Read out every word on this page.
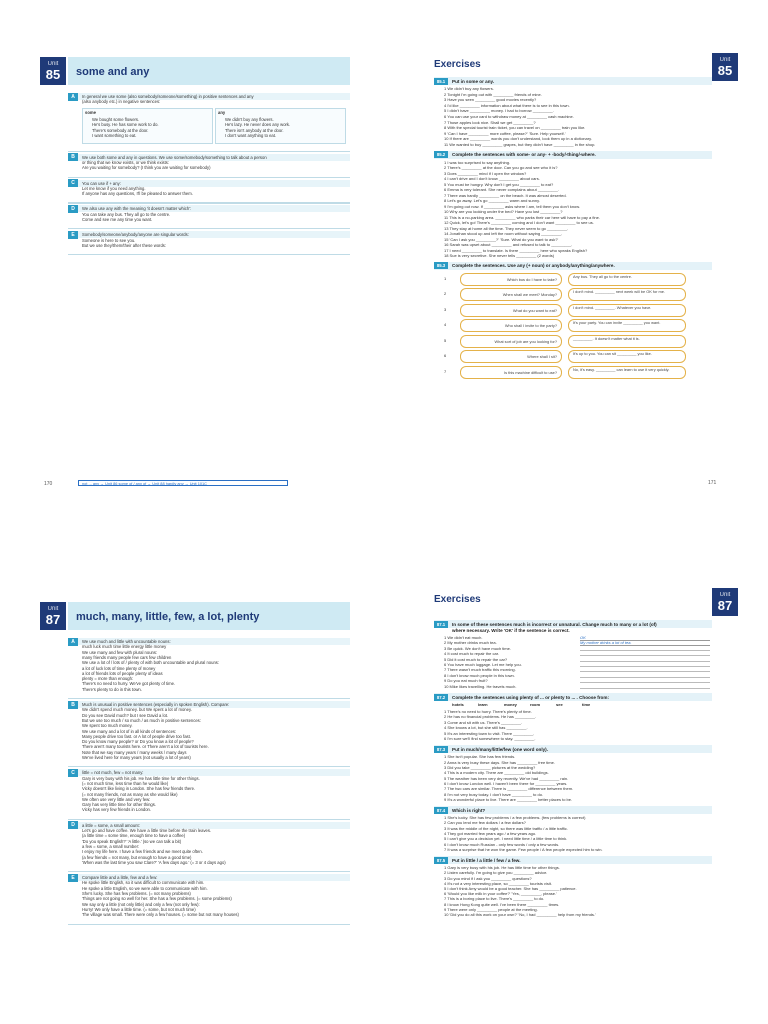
Unit
85	some and any
A	In general we use some (also somebody/someone/something) in positive sentences and any
(also anybody etc.) in negative sentences:
some
We bought some flowers.
He's busy. He has some work to do.
There's somebody at the door.
I want something to eat.
any
We didn't buy any flowers.
He's lazy. He never does any work.
There isn't anybody at the door.
I don't want anything to eat.
B	We use both some and any in questions. We use some/somebody/something to talk about a person
or thing that we know exists, or we think exists:
Are you waiting for somebody? (I think you are waiting for somebody)
C	You can use if + any:
Let me know if you need anything.
If anyone has any questions, I'll be pleased to answer them.
D	We also use any with the meaning 'it doesn't matter which':
You can take any bus. They all go to the centre.
Come and see me any time you want.
E	Somebody/someone/anybody/anyone are singular words:
Someone is here to see you.
But we use they/them/their after these words:
170	not ... any → Unit 86 some of / any of → Unit 88 hardly any → Unit 101C
Exercises	Unit
85
85.1	Put in some or any.
1 We didn't buy any flowers.
2 Tonight I'm going out with _________ friends of mine.
3 Have you seen _________ good movies recently?
4 I'd like _________ information about what there is to see in this town.
5 I didn't have _________ money. I had to borrow _________.
6 You can use your card to withdraw money at _________ cash machine.
7 Those apples look nice. Shall we get _________?
8 With the special tourist train ticket, you can travel on _________ train you like.
9 'Can I have _________ more coffee, please?' 'Sure. Help yourself.'
10 If there are _________ words you don't understand, look them up in a dictionary.
11 We wanted to buy _________ grapes, but they didn't have _________ in the shop.
85.2	Complete the sentences with some- or any- + -body/-thing/-where.
1 I was too surprised to say anything.
2 There's _________ at the door. Can you go and see who it is?
3 Does _________ mind if I open the window?
4 I can't drive and I don't know _________ about cars.
5 You must be hungry. Why don't I get you _________ to eat?
6 Emma is very tolerant. She never complains about _________.
7 There was hardly _________ on the beach. It was almost deserted.
8 Let's go away. Let's go _________ warm and sunny.
9 I'm going out now. If _________ asks where I am, tell them you don't know.
10 Why are you looking under the bed? Have you lost _________?
11 This is a no-parking area. _________ who parks their car here will have to pay a fine.
12 Quick, let's go! There's _________ coming and I don't want _________ to see us.
13 They stay at home all the time. They never seem to go _________.
14 Jonathan stood up and left the room without saying _________.
15 'Can I ask you _________?' 'Sure. What do you want to ask?'
16 Sarah was upset about _________ and refused to talk to _________.
17 I need _________ to translate. Is there _________ here who speaks English?
18 Sue is very secretive. She never tells _________ (2 words)
85.3	Complete the sentences. Use any (+ noun) or anybody/anything/anywhere.
1	Which bus do I have to take?
Any bus. They all go to the centre.
2	When shall we meet? Monday?
I don't mind. _________ next week will be OK for me.
3	What do you want to eat?
I don't mind. _________. Whatever you have.
4	Who shall I invite to the party?
It's your party. You can invite _________ you want.
5	What sort of job are you looking for?
_________. It doesn't matter what it is.
6	Where shall I sit?
It's up to you. You can sit _________ you like.
7	Is this machine difficult to use?
No, it's easy. _________ can learn to use it very quickly.
171
Unit
87	much, many, little, few, a lot, plenty
A	We use much and little with uncountable nouns:
much luck much time little energy little money
We use many and few with plural nouns:
many friends many people few cars few children
We use a lot of / lots of / plenty of with both uncountable and plural nouns:
a lot of luck lots of time plenty of money
a lot of friends lots of people plenty of ideas
plenty = more than enough:
There's no need to hurry. We've got plenty of time.
There's plenty to do in this town.
B	Much is unusual in positive sentences (especially in spoken English). Compare:
We didn't spend much money. but We spent a lot of money.
Do you see David much? but I see David a lot.
But we use too much / so much / as much in positive sentences:
We spent too much money.
We use many and a lot of in all kinds of sentences:
Many people drive too fast. or A lot of people drive too fast.
Do you know many people? or Do you know a lot of people?
There aren't many tourists here. or There aren't a lot of tourists here.
Note that we say many years / many weeks / many days
We've lived here for many years (not usually a lot of years)
C	little = not much, few = not many:
Gary is very busy with his job. He has little time for other things.
(= not much time, less time than he would like)
Vicky doesn't like living in London. She has few friends there.
(= not many friends, not as many as she would like)
We often use very little and very few:
Gary has very little time for other things.
Vicky has very few friends in London.
D	a little = some, a small amount:
Let's go and have coffee. We have a little time before the train leaves.
(a little time = some time, enough time to have a coffee)
'Do you speak English?' 'A little.' (so we can talk a bit)
a few = some, a small number:
I enjoy my life here. I have a few friends and we meet quite often.
(a few friends = not many, but enough to have a good time)
'When was the last time you saw Clare?' 'A few days ago.' (= 3 or 4 days ago)
E	Compare little and a little, few and a few:
He spoke little English, so it was difficult to communicate with him.
He spoke a little English, so we were able to communicate with him.
She's lucky. She has few problems. (= not many problems)
Things are not going so well for her. She has a few problems. (= some problems)
We say only a little (not only little) and only a few (not only few):
Hurry! We only have a little time. (= some, but not much time)
The village was small. There were only a few houses. (= some but not many houses)
Exercises	Unit
87
87.1	In some of these sentences much is incorrect or unnatural. Change much to many or a lot (of)
where necessary. Write 'OK' if the sentence is correct.
1 We didn't eat much.	OK
2 My mother drinks much tea.	My mother drinks a lot of tea.
3 Be quick. We don't have much time.
4 It cost much to repair the car.
5 Did it cost much to repair the car?
6 You have much luggage. Let me help you.
7 There wasn't much traffic this morning.
8 I don't know much people in this town.
9 Do you eat much fruit?
10 Mike likes travelling. He travels much.
87.2	Complete the sentences using plenty of ... or plenty to ... . Choose from:
hotels	learn	money	room	see	time
1 There's no need to hurry. There's plenty of time.
2 He has no financial problems. He has _________.
3 Come and sit with us. There's _________.
4 She knows a lot, but she still has _________.
5 It's an interesting town to visit. There _________.
6 I'm sure we'll find somewhere to stay. _________.
87.3	Put in much/many/little/few (one word only).
1 She isn't popular. She has few friends.
2 Anna is very busy these days. She has _________ free time.
3 Did you take _________ pictures at the wedding?
4 This is a modern city. There are _________ old buildings.
5 The weather has been very dry recently. We've had _________ rain.
6 I don't know London well. I haven't been there for _________ years.
7 The two cars are similar. There is _________ difference between them.
8 I'm not very busy today. I don't have _________ to do.
9 It's a wonderful place to live. There are _________ better places to be.
87.4	Which is right?
1 She's lucky. She has few problems / a few problems. (few problems is correct)
2 Can you lend me few dollars / a few dollars?
3 It was the middle of the night, so there was little traffic / a little traffic.
4 They got married few years ago / a few years ago.
5 I can't give you a decision yet. I need little time / a little time to think.
6 I don't know much Russian - only few words / only a few words.
7 It was a surprise that he won the game. Few people / A few people expected him to win.
87.5	Put in little / a little / few / a few.
1 Gary is very busy with his job. He has little time for other things.
2 Listen carefully. I'm going to give you _________ advice.
3 Do you mind if I ask you _________ questions?
4 It's not a very interesting place, so _________ tourists visit.
5 I don't think Amy would be a good teacher. She has _________ patience.
6 'Would you like milk in your coffee?' 'Yes, _________, please.'
7 This is a boring place to live. There's _________ to do.
8 I know Hong Kong quite well. I've been there _________ times.
9 There were only _________ people at the meeting.
10 'Did you do all this work on your own?' 'No, I had _________ help from my friends.'
